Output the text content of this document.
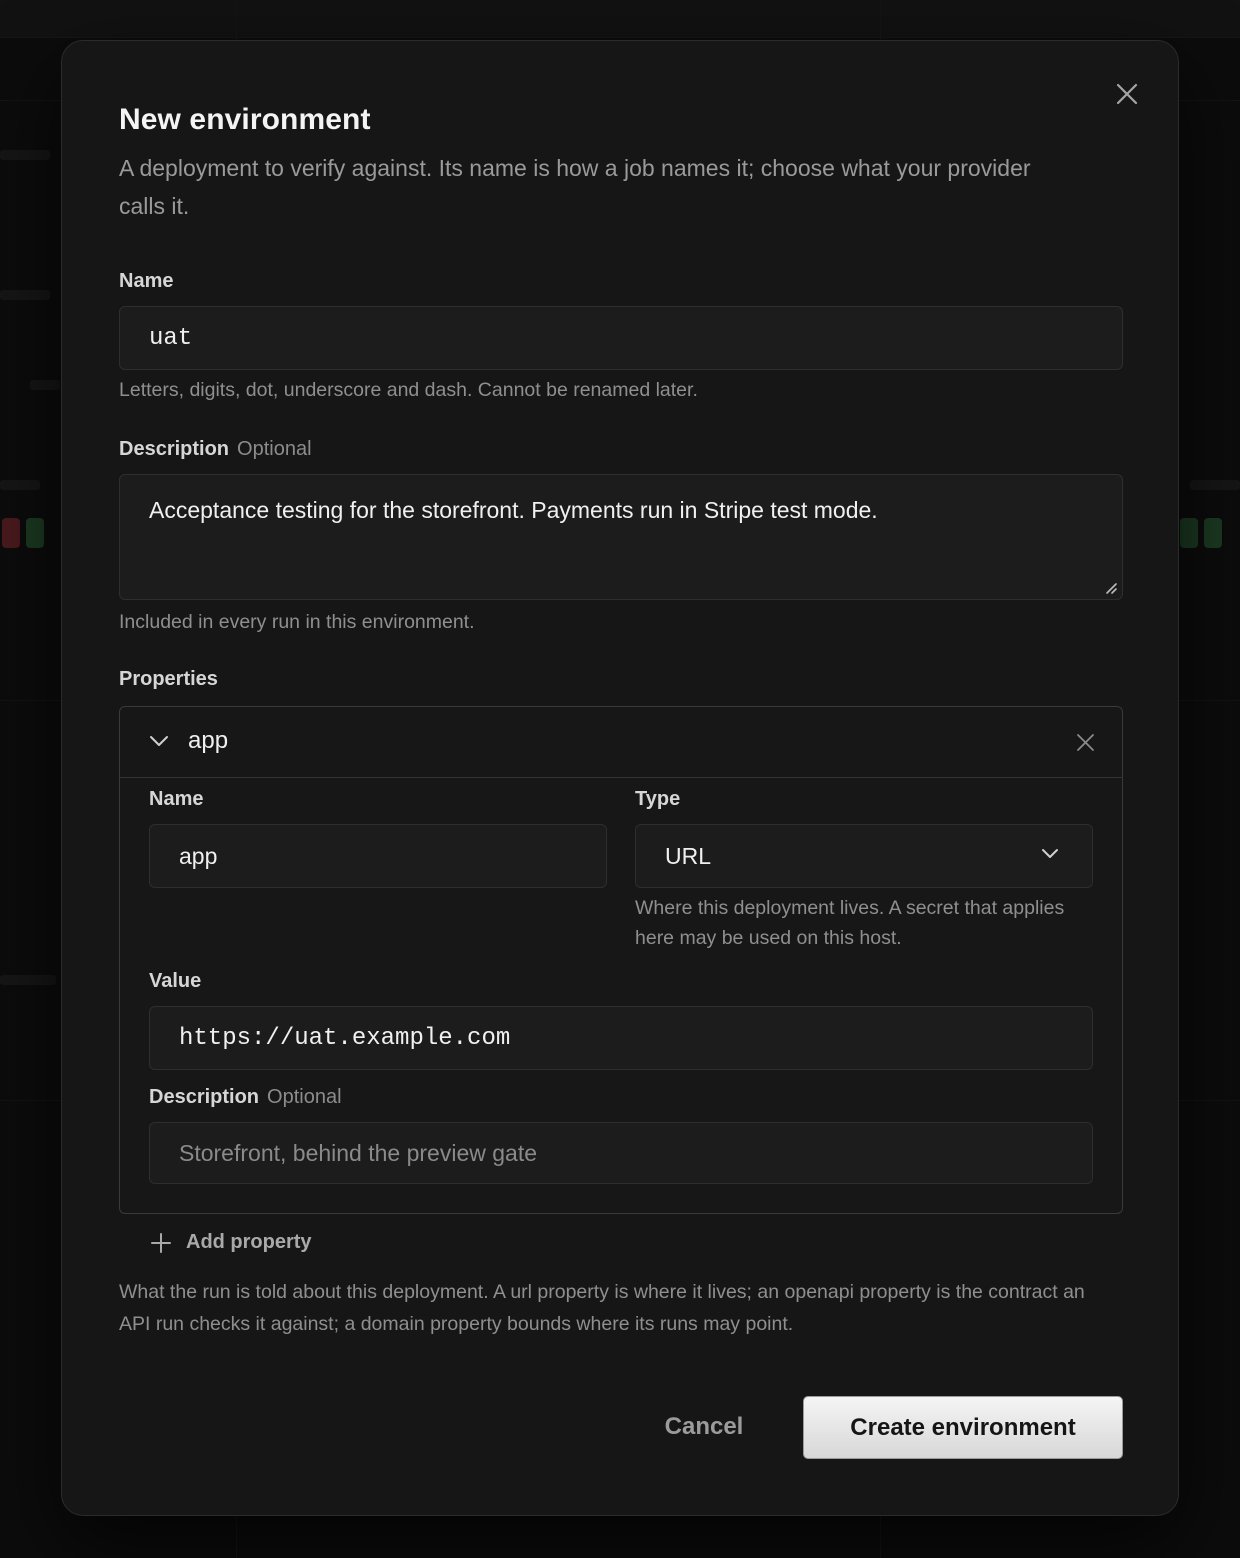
New environment
A deployment to verify against. Its name is how a job names it; choose what your provider calls it.
Name
uat
Letters, digits, dot, underscore and dash. Cannot be renamed later.
Description Optional
Acceptance testing for the storefront. Payments run in Stripe test mode.
Included in every run in this environment.
Properties
app
Name
app
Type
URL
Where this deployment lives. A secret that applies here may be used on this host.
Value
https://uat.example.com
Description Optional
Storefront, behind the preview gate
Add property
What the run is told about this deployment. A url property is where it lives; an openapi property is the contract an API run checks it against; a domain property bounds where its runs may point.
Cancel	Create environment
